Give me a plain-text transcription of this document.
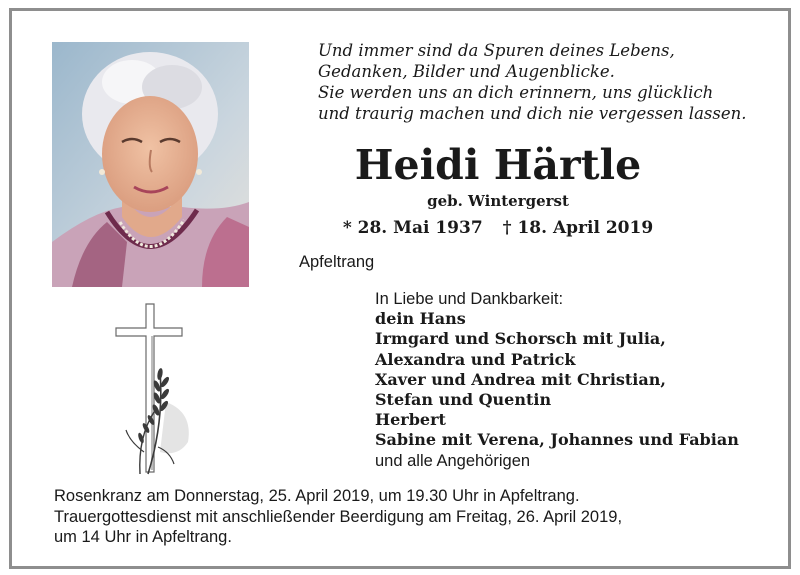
Und immer sind da Spuren deines Lebens,
Gedanken, Bilder und Augenblicke.
Sie werden uns an dich erinnern, uns glücklich
und traurig machen und dich nie vergessen lassen.
Heidi Härtle
geb. Wintergerst
* 28. Mai 1937 † 18. April 2019
Apfeltrang
In Liebe und Dankbarkeit:
dein Hans
Irmgard und Schorsch mit Julia,
Alexandra und Patrick
Xaver und Andrea mit Christian,
Stefan und Quentin
Herbert
Sabine mit Verena, Johannes und Fabian
und alle Angehörigen
Rosenkranz am Donnerstag, 25. April 2019, um 19.30 Uhr in Apfeltrang.
Trauergottesdienst mit anschließender Beerdigung am Freitag, 26. April 2019,
um 14 Uhr in Apfeltrang.
